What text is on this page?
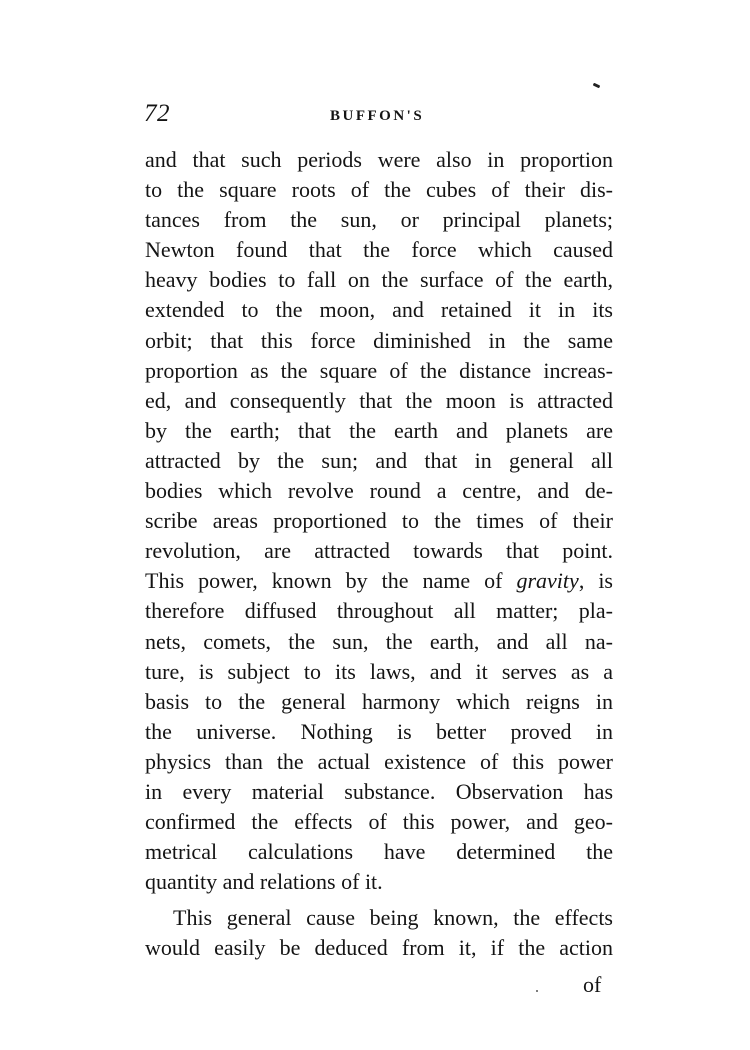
72	BUFFON'S
and that such periods were also in proportion
to the square roots of the cubes of their dis-
tances from the sun, or principal planets;
Newton found that the force which caused
heavy bodies to fall on the surface of the earth,
extended to the moon, and retained it in its
orbit; that this force diminished in the same
proportion as the square of the distance increas-
ed, and consequently that the moon is attracted
by the earth; that the earth and planets are
attracted by the sun; and that in general all
bodies which revolve round a centre, and de-
scribe areas proportioned to the times of their
revolution, are attracted towards that point.
This power, known by the name of gravity, is
therefore diffused throughout all matter; pla-
nets, comets, the sun, the earth, and all na-
ture, is subject to its laws, and it serves as a
basis to the general harmony which reigns in
the universe. Nothing is better proved in
physics than the actual existence of this power
in every material substance. Observation has
confirmed the effects of this power, and geo-
metrical calculations have determined the
quantity and relations of it.
This general cause being known, the effects
would easily be deduced from it, if the action
of
